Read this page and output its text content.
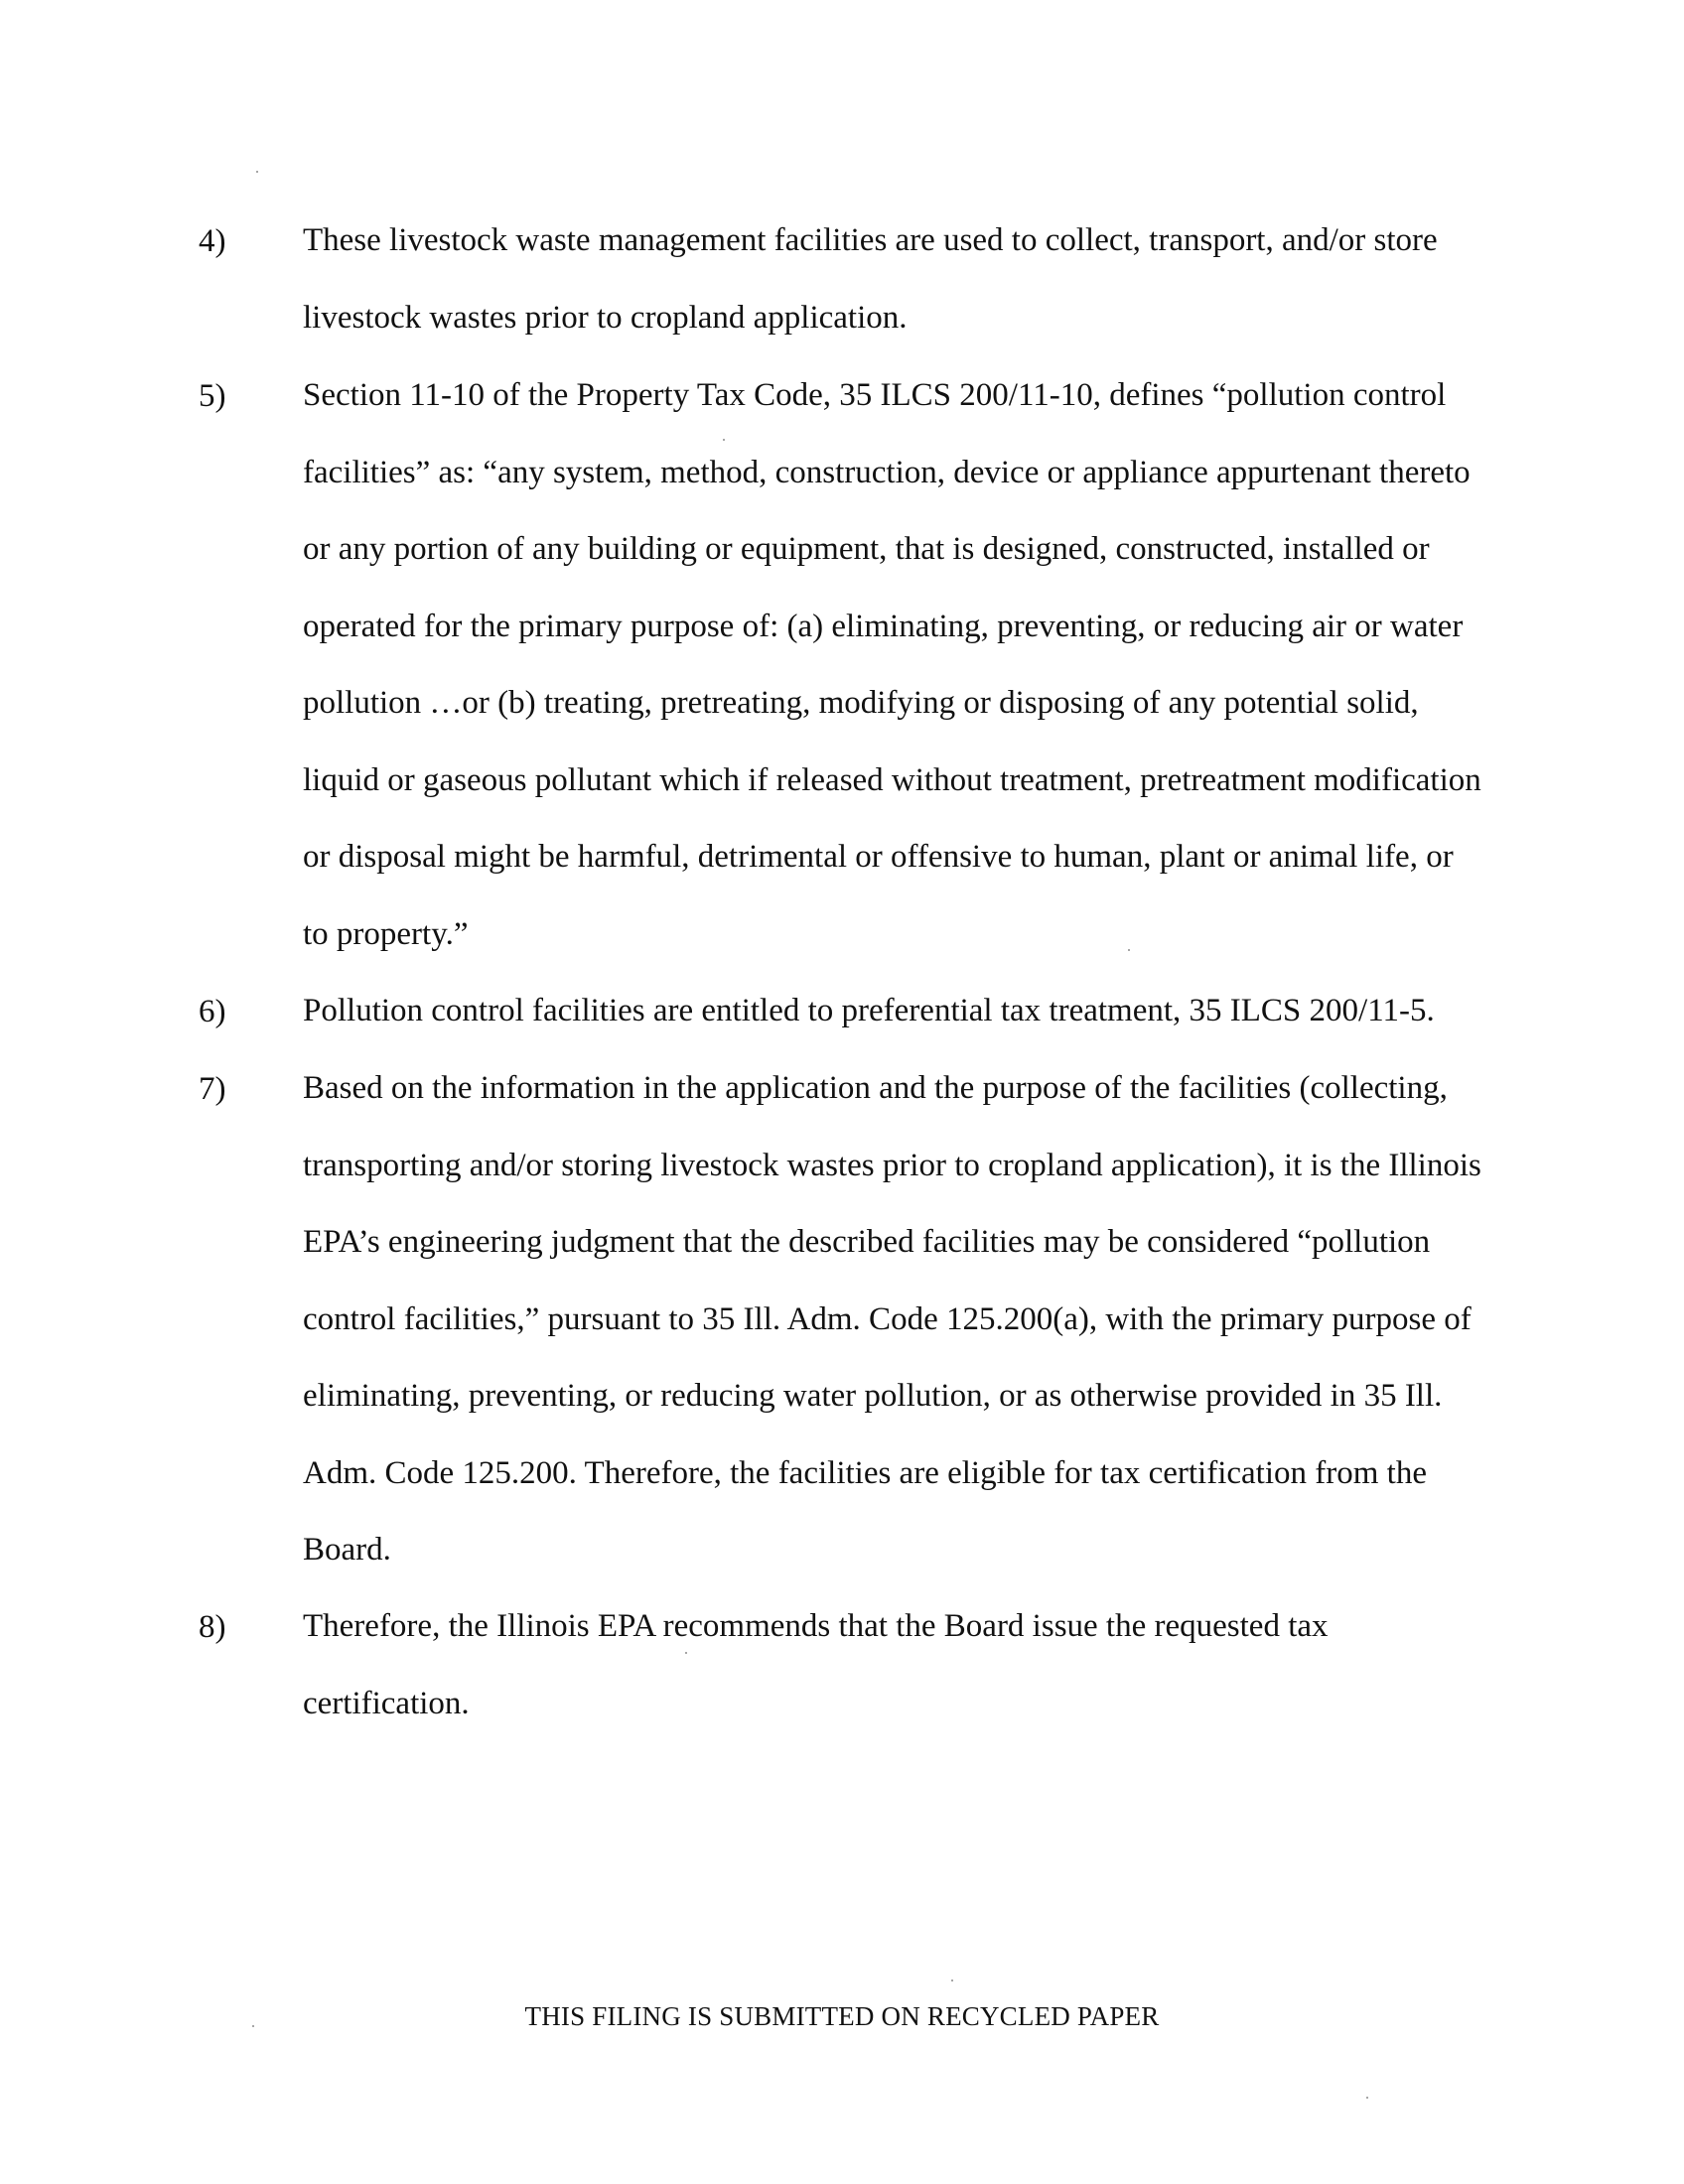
4)	These livestock waste management facilities are used to collect, transport, and/or store
livestock wastes prior to cropland application.
5)	Section 11-10 of the Property Tax Code, 35 ILCS 200/11-10, defines “pollution control
facilities” as: “any system, method, construction, device or appliance appurtenant thereto
or any portion of any building or equipment, that is designed, constructed, installed or
operated for the primary purpose of: (a) eliminating, preventing, or reducing air or water
pollution …or (b) treating, pretreating, modifying or disposing of any potential solid,
liquid or gaseous pollutant which if released without treatment, pretreatment modification
or disposal might be harmful, detrimental or offensive to human, plant or animal life, or
to property.”
6)	Pollution control facilities are entitled to preferential tax treatment, 35 ILCS 200/11-5.
7)	Based on the information in the application and the purpose of the facilities (collecting,
transporting and/or storing livestock wastes prior to cropland application), it is the Illinois
EPA’s engineering judgment that the described facilities may be considered “pollution
control facilities,” pursuant to 35 Ill. Adm. Code 125.200(a), with the primary purpose of
eliminating, preventing, or reducing water pollution, or as otherwise provided in 35 Ill.
Adm. Code 125.200. Therefore, the facilities are eligible for tax certification from the
Board.
8)	Therefore, the Illinois EPA recommends that the Board issue the requested tax
certification.
THIS FILING IS SUBMITTED ON RECYCLED PAPER
